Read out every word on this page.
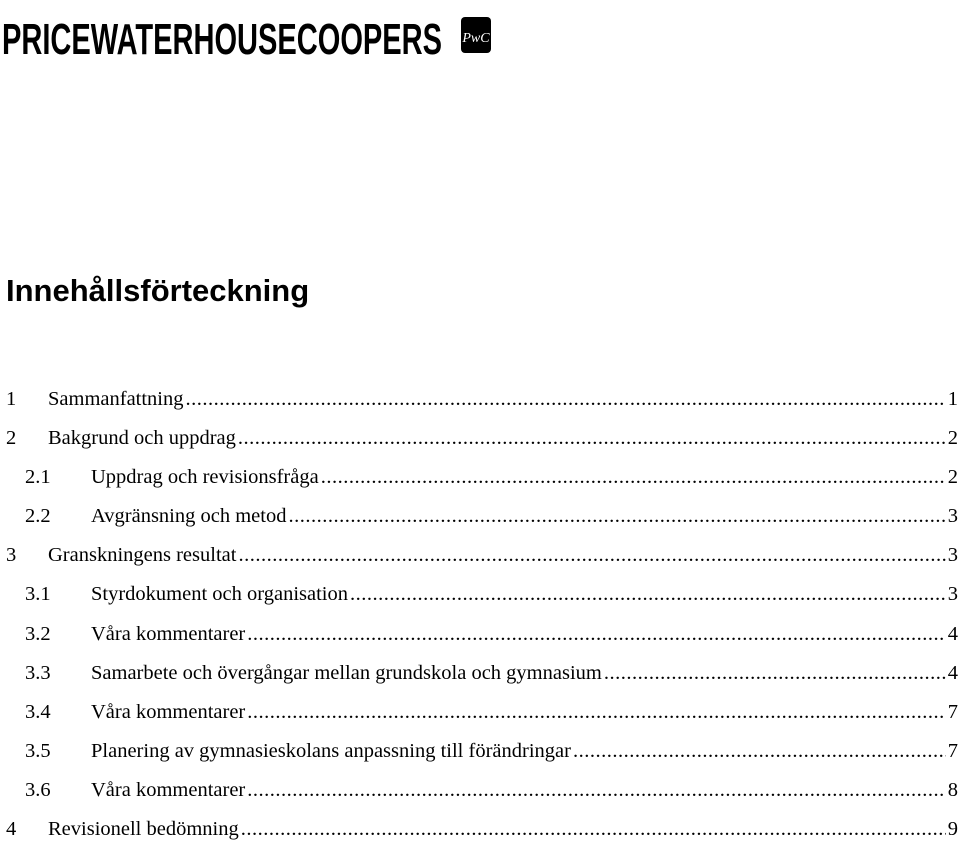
PRICEWATERHOUSECOOPERS PwC
Innehållsförteckning
1	Sammanfattning .....	1
2	Bakgrund och uppdrag .....	2
2.1	Uppdrag och revisionsfråga .....	2
2.2	Avgränsning och metod .....	3
3	Granskningens resultat .....	3
3.1	Styrdokument och organisation .....	3
3.2	Våra kommentarer .....	4
3.3	Samarbete och övergångar mellan grundskola och gymnasium .....	4
3.4	Våra kommentarer .....	7
3.5	Planering av gymnasieskolans anpassning till förändringar .....	7
3.6	Våra kommentarer .....	8
4	Revisionell bedömning .....	9
